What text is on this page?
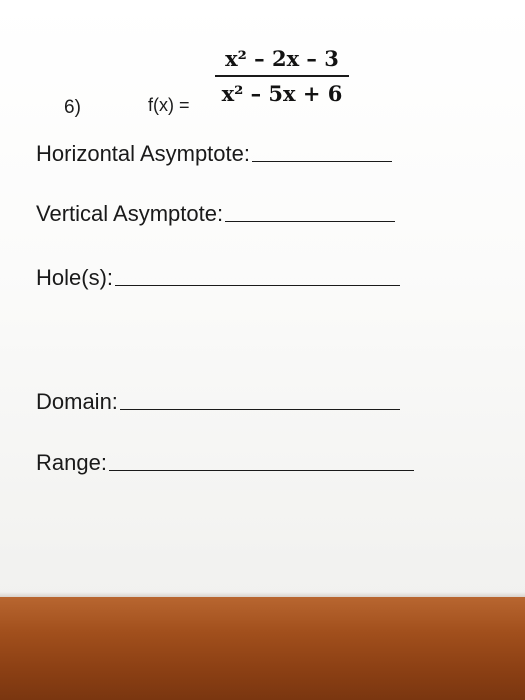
6)	f(x) =
x² – 2x – 3
x² – 5x + 6
Horizontal Asymptote:
Vertical Asymptote:
Hole(s):
Domain:
Range:
